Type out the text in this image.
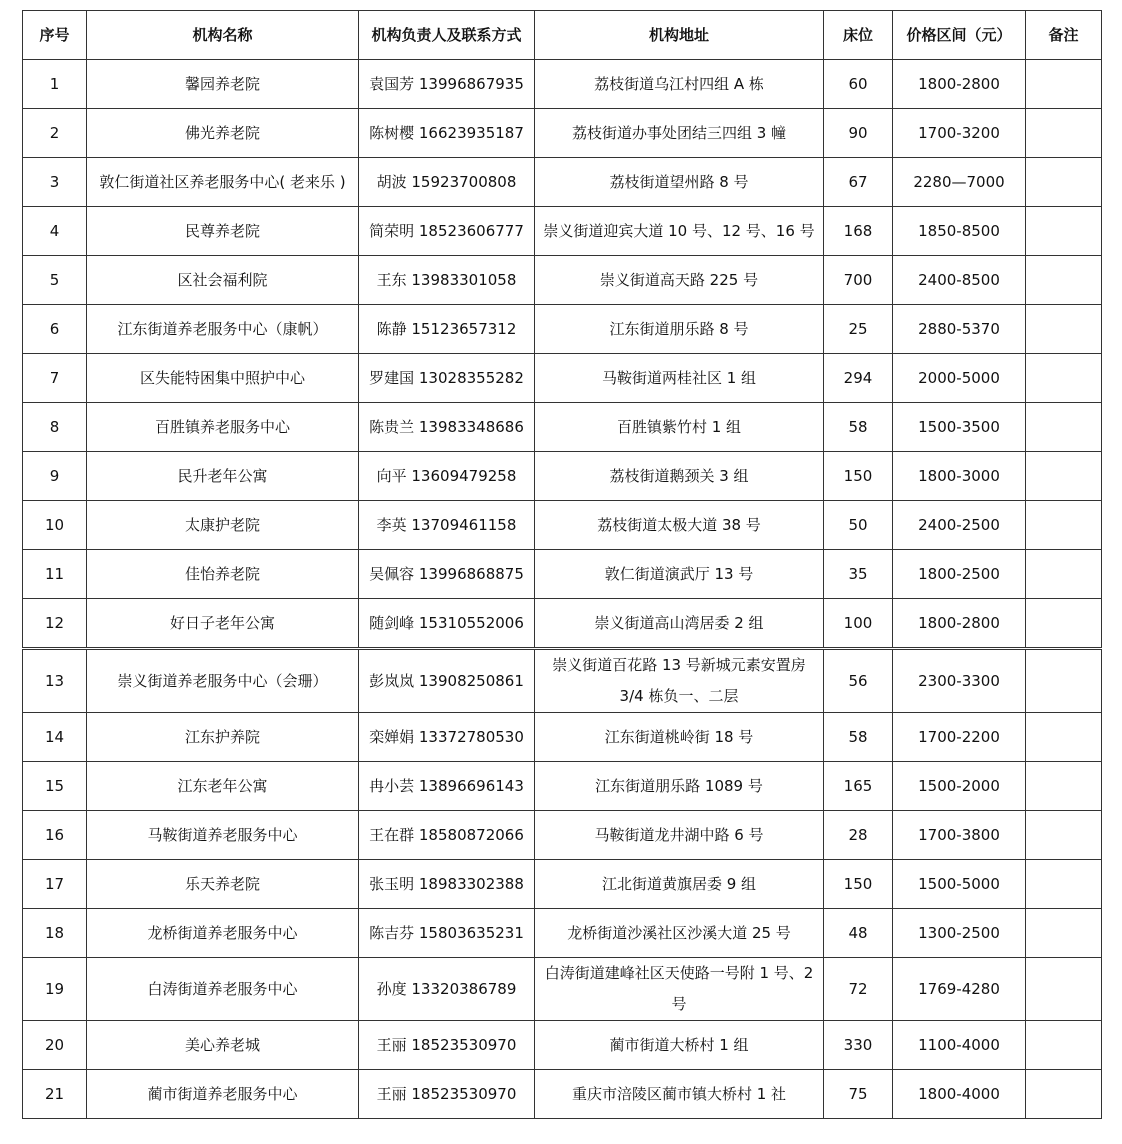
序号	机构名称	机构负责人及联系方式	机构地址	床位	价格区间（元）	备注
1	馨园养老院	袁国芳 13996867935	荔枝街道乌江村四组 A 栋	60	1800-2800	
2	佛光养老院	陈树樱 16623935187	荔枝街道办事处团结三四组 3 幢	90	1700-3200	
3	敦仁街道社区养老服务中心( 老来乐 )	胡波 15923700808	荔枝街道望州路 8 号	67	2280—7000	
4	民尊养老院	简荣明 18523606777	崇义街道迎宾大道 10 号、12 号、16 号	168	1850-8500	
5	区社会福利院	王东 13983301058	崇义街道高天路 225 号	700	2400-8500	
6	江东街道养老服务中心（康帆）	陈静 15123657312	江东街道朋乐路 8 号	25	2880-5370	
7	区失能特困集中照护中心	罗建国 13028355282	马鞍街道两桂社区 1 组	294	2000-5000	
8	百胜镇养老服务中心	陈贵兰 13983348686	百胜镇紫竹村 1 组	58	1500-3500	
9	民升老年公寓	向平 13609479258	荔枝街道鹅颈关 3 组	150	1800-3000	
10	太康护老院	李英 13709461158	荔枝街道太极大道 38 号	50	2400-2500	
11	佳怡养老院	吴佩容 13996868875	敦仁街道演武厅 13 号	35	1800-2500	
12	好日子老年公寓	随剑峰 15310552006	崇义街道高山湾居委 2 组	100	1800-2800	
13	崇义街道养老服务中心（会珊）	彭岚岚 13908250861	崇义街道百花路 13 号新城元素安置房 3/4 栋负一、二层	56	2300-3300	
14	江东护养院	栾婵娟 13372780530	江东街道桃岭街 18 号	58	1700-2200	
15	江东老年公寓	冉小芸 13896696143	江东街道朋乐路 1089 号	165	1500-2000	
16	马鞍街道养老服务中心	王在群 18580872066	马鞍街道龙井湖中路 6 号	28	1700-3800	
17	乐天养老院	张玉明 18983302388	江北街道黄旗居委 9 组	150	1500-5000	
18	龙桥街道养老服务中心	陈吉芬 15803635231	龙桥街道沙溪社区沙溪大道 25 号	48	1300-2500	
19	白涛街道养老服务中心	孙度 13320386789	白涛街道建峰社区天使路一号附 1 号、2 号	72	1769-4280	
20	美心养老城	王丽 18523530970	蔺市街道大桥村 1 组	330	1100-4000	
21	蔺市街道养老服务中心	王丽 18523530970	重庆市涪陵区蔺市镇大桥村 1 社	75	1800-4000	
